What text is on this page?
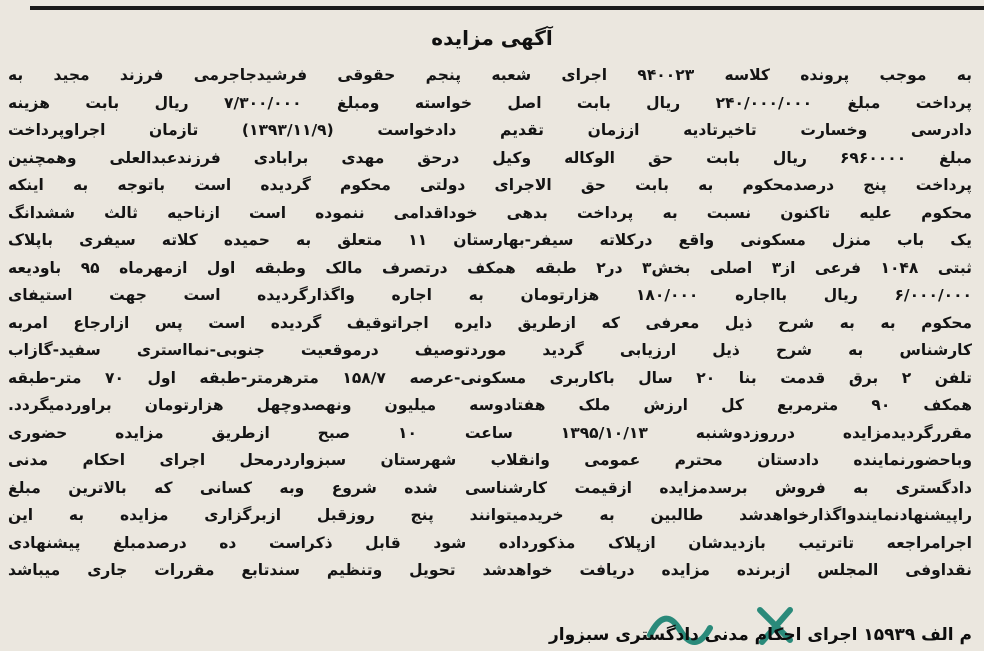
آگهی مزایده
به موجب پرونده کلاسه ۹۴۰۰۲۳ اجرای شعبه پنجم حقوقی فرشیدجاجرمی فرزند مجید به
پرداخت مبلغ ۲۴۰/۰۰۰/۰۰۰ ریال بابت اصل خواسته ومبلغ ۷/۳۰۰/۰۰۰ ریال بابت هزینه
دادرسی وخسارت تاخیرتادیه اززمان تقدیم دادخواست (۱۳۹۳/۱۱/۹) تازمان اجراوپرداخت
مبلغ ۶۹۶۰۰۰۰ ریال بابت حق الوکاله وکیل درحق مهدی برابادی فرزندعبدالعلی وهمچنین
پرداخت پنج درصدمحکوم به بابت حق الاجرای دولتی محکوم گردیده است باتوجه به اینکه
محکوم علیه تاکنون نسبت به پرداخت بدهی خوداقدامی ننموده است ازناحیه ثالث ششدانگ
یک باب منزل مسکونی واقع درکلاته سیفر-بهارستان ۱۱ متعلق به حمیده کلاته سیفری باپلاک
ثبتی ۱۰۴۸ فرعی از۳ اصلی بخش۳ در۲ طبقه همکف درتصرف مالک وطبقه اول ازمهرماه ۹۵ باودیعه
۶/۰۰۰/۰۰۰ ریال بااجاره ۱۸۰/۰۰۰ هزارتومان به اجاره واگذارگردیده است جهت استیفای
محکوم به به شرح ذیل معرفی که ازطریق دایره اجراتوقیف گردیده است پس ازارجاع امربه
کارشناس به شرح ذیل ارزیابی گردید موردتوصیف درموقعیت جنوبی-نمااستری سفید-گازاب
تلفن ۲ برق قدمت بنا ۲۰ سال باکاربری مسکونی-عرصه ۱۵۸/۷ مترهرمتر-طبقه اول ۷۰ متر-طبقه
همکف ۹۰ مترمربع کل ارزش ملک هفتادوسه میلیون ونهصدوچهل هزارتومان براوردمیگردد.
مقررگردیدمزایده درروزدوشنبه ۱۳۹۵/۱۰/۱۳ ساعت ۱۰ صبح ازطریق مزایده حضوری
وباحضورنماینده دادستان محترم عمومی وانقلاب شهرستان سبزواردرمحل اجرای احکام مدنی
دادگستری به فروش برسدمزایده ازقیمت کارشناسی شده شروع وبه کسانی که بالاترین مبلغ
راپیشنهادنمایندواگذارخواهدشد طالبین به خریدمیتوانند پنج روزقبل ازبرگزاری مزایده به این
اجرامراجعه تاترتیب بازدیدشان ازپلاک مذکورداده شود قابل ذکراست ده درصدمبلغ پیشنهادی
نقداوفی المجلس ازبرنده مزایده دریافت خواهدشد تحویل وتنظیم سندتابع مقررات جاری میباشد
م الف ۱۵۹۳۹ اجرای احکام مدنی دادگستری سبزوار
